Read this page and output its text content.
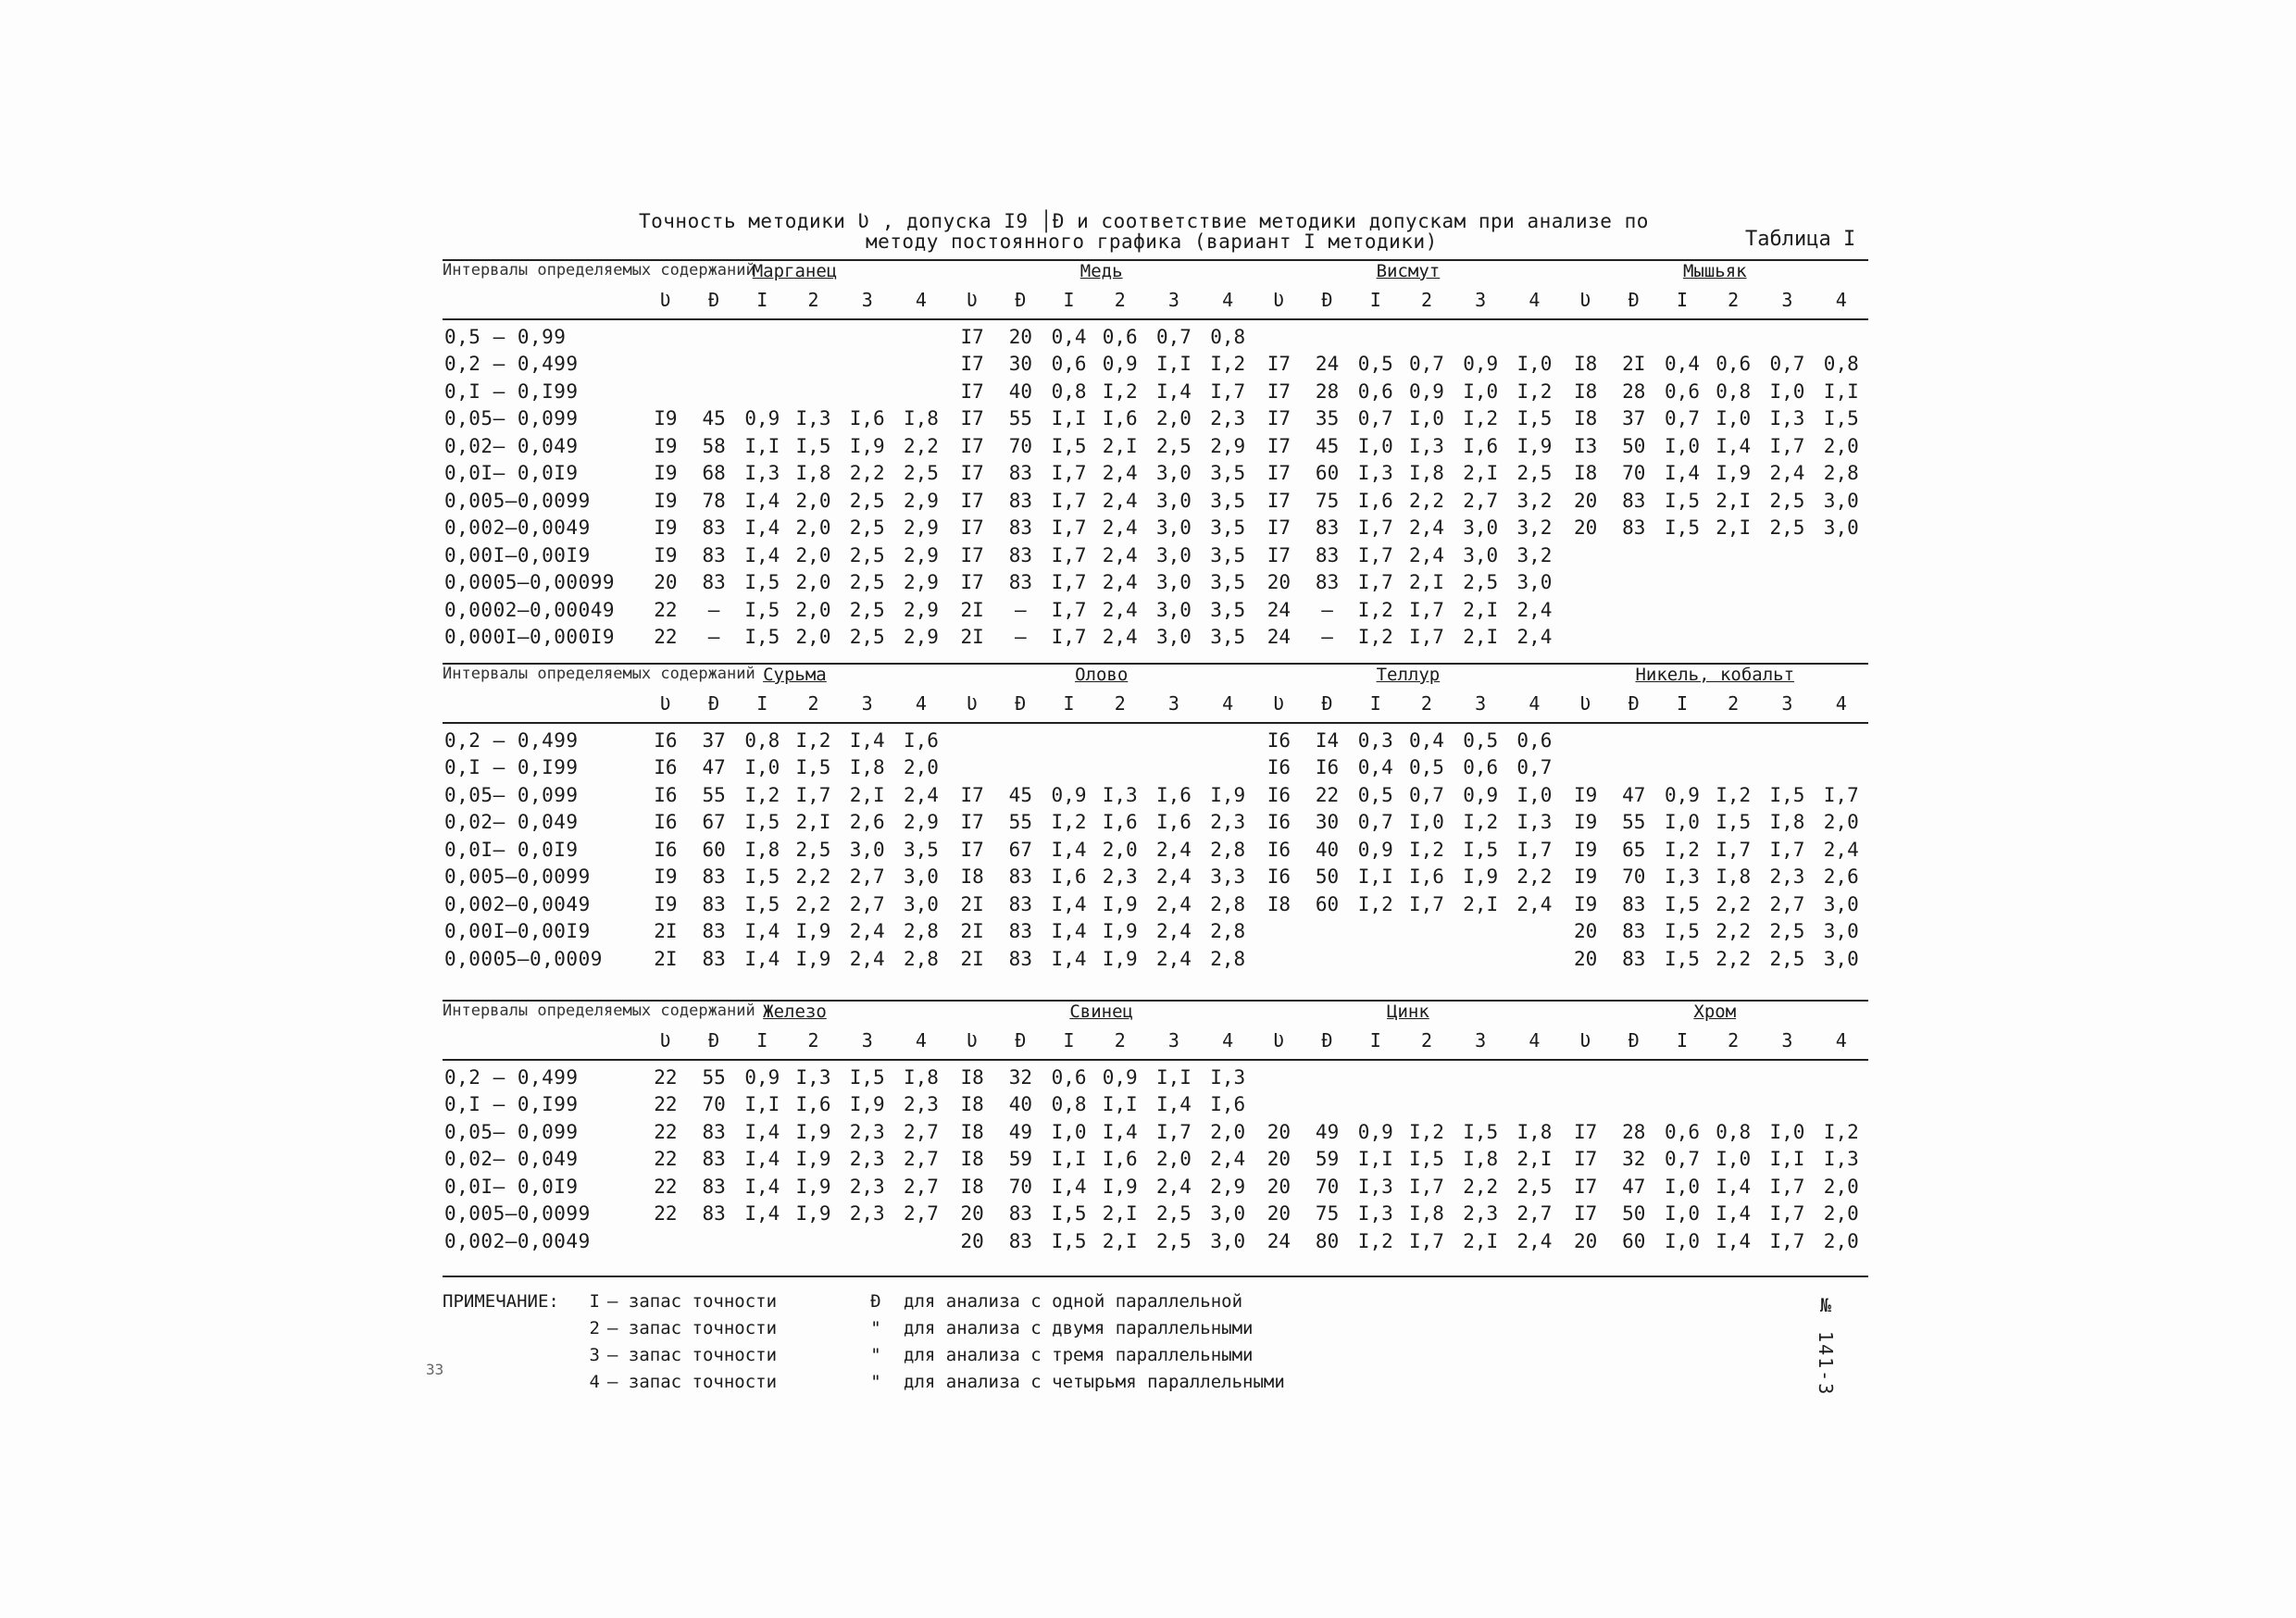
Точность методики Ʋ , допуска I9 │Đ и соответствие методики допускам при анализе по
методу постоянного графика (вариант I методики)	Таблица I
Интервалы определяемых содержаний	Марганец						Медь						Висмут						Мышьяк					
	Ʋ	Đ	I	2	3	4	Ʋ	Đ	I	2	3	4	Ʋ	Đ	I	2	3	4	Ʋ	Đ	I	2	3	4
0,5 – 0,99							I7	20	0,4	0,6	0,7	0,8												
0,2 – 0,499							I7	30	0,6	0,9	I,I	I,2	I7	24	0,5	0,7	0,9	I,0	I8	2I	0,4	0,6	0,7	0,8
0,I – 0,I99							I7	40	0,8	I,2	I,4	I,7	I7	28	0,6	0,9	I,0	I,2	I8	28	0,6	0,8	I,0	I,I
0,05– 0,099	I9	45	0,9	I,3	I,6	I,8	I7	55	I,I	I,6	2,0	2,3	I7	35	0,7	I,0	I,2	I,5	I8	37	0,7	I,0	I,3	I,5
0,02– 0,049	I9	58	I,I	I,5	I,9	2,2	I7	70	I,5	2,I	2,5	2,9	I7	45	I,0	I,3	I,6	I,9	I3	50	I,0	I,4	I,7	2,0
0,0I– 0,0I9	I9	68	I,3	I,8	2,2	2,5	I7	83	I,7	2,4	3,0	3,5	I7	60	I,3	I,8	2,I	2,5	I8	70	I,4	I,9	2,4	2,8
0,005–0,0099	I9	78	I,4	2,0	2,5	2,9	I7	83	I,7	2,4	3,0	3,5	I7	75	I,6	2,2	2,7	3,2	20	83	I,5	2,I	2,5	3,0
0,002–0,0049	I9	83	I,4	2,0	2,5	2,9	I7	83	I,7	2,4	3,0	3,5	I7	83	I,7	2,4	3,0	3,2	20	83	I,5	2,I	2,5	3,0
0,00I–0,00I9	I9	83	I,4	2,0	2,5	2,9	I7	83	I,7	2,4	3,0	3,5	I7	83	I,7	2,4	3,0	3,2						
0,0005–0,00099	20	83	I,5	2,0	2,5	2,9	I7	83	I,7	2,4	3,0	3,5	20	83	I,7	2,I	2,5	3,0						
0,0002–0,00049	22	–	I,5	2,0	2,5	2,9	2I	–	I,7	2,4	3,0	3,5	24	–	I,2	I,7	2,I	2,4						
0,000I–0,000I9	22	–	I,5	2,0	2,5	2,9	2I	–	I,7	2,4	3,0	3,5	24	–	I,2	I,7	2,I	2,4						
Интервалы определяемых содержаний	Сурьма						Олово						Теллур						Никель, кобальт					
	Ʋ	Đ	I	2	3	4	Ʋ	Đ	I	2	3	4	Ʋ	Đ	I	2	3	4	Ʋ	Đ	I	2	3	4
0,2 – 0,499	I6	37	0,8	I,2	I,4	I,6							I6	I4	0,3	0,4	0,5	0,6						
0,I – 0,I99	I6	47	I,0	I,5	I,8	2,0							I6	I6	0,4	0,5	0,6	0,7						
0,05– 0,099	I6	55	I,2	I,7	2,I	2,4	I7	45	0,9	I,3	I,6	I,9	I6	22	0,5	0,7	0,9	I,0	I9	47	0,9	I,2	I,5	I,7
0,02– 0,049	I6	67	I,5	2,I	2,6	2,9	I7	55	I,2	I,6	I,6	2,3	I6	30	0,7	I,0	I,2	I,3	I9	55	I,0	I,5	I,8	2,0
0,0I– 0,0I9	I6	60	I,8	2,5	3,0	3,5	I7	67	I,4	2,0	2,4	2,8	I6	40	0,9	I,2	I,5	I,7	I9	65	I,2	I,7	I,7	2,4
0,005–0,0099	I9	83	I,5	2,2	2,7	3,0	I8	83	I,6	2,3	2,4	3,3	I6	50	I,I	I,6	I,9	2,2	I9	70	I,3	I,8	2,3	2,6
0,002–0,0049	I9	83	I,5	2,2	2,7	3,0	2I	83	I,4	I,9	2,4	2,8	I8	60	I,2	I,7	2,I	2,4	I9	83	I,5	2,2	2,7	3,0
0,00I–0,00I9	2I	83	I,4	I,9	2,4	2,8	2I	83	I,4	I,9	2,4	2,8							20	83	I,5	2,2	2,5	3,0
0,0005–0,0009	2I	83	I,4	I,9	2,4	2,8	2I	83	I,4	I,9	2,4	2,8							20	83	I,5	2,2	2,5	3,0
Интервалы определяемых содержаний	Железо						Свинец						Цинк						Хром					
	Ʋ	Đ	I	2	3	4	Ʋ	Đ	I	2	3	4	Ʋ	Đ	I	2	3	4	Ʋ	Đ	I	2	3	4
0,2 – 0,499	22	55	0,9	I,3	I,5	I,8	I8	32	0,6	0,9	I,I	I,3												
0,I – 0,I99	22	70	I,I	I,6	I,9	2,3	I8	40	0,8	I,I	I,4	I,6												
0,05– 0,099	22	83	I,4	I,9	2,3	2,7	I8	49	I,0	I,4	I,7	2,0	20	49	0,9	I,2	I,5	I,8	I7	28	0,6	0,8	I,0	I,2
0,02– 0,049	22	83	I,4	I,9	2,3	2,7	I8	59	I,I	I,6	2,0	2,4	20	59	I,I	I,5	I,8	2,I	I7	32	0,7	I,0	I,I	I,3
0,0I– 0,0I9	22	83	I,4	I,9	2,3	2,7	I8	70	I,4	I,9	2,4	2,9	20	70	I,3	I,7	2,2	2,5	I7	47	I,0	I,4	I,7	2,0
0,005–0,0099	22	83	I,4	I,9	2,3	2,7	20	83	I,5	2,I	2,5	3,0	20	75	I,3	I,8	2,3	2,7	I7	50	I,0	I,4	I,7	2,0
0,002–0,0049							20	83	I,5	2,I	2,5	3,0	24	80	I,2	I,7	2,I	2,4	20	60	I,0	I,4	I,7	2,0
ПРИМЕЧАНИЕ: I – запас точности	Đ для анализа с одной параллельной
2 – запас точности	" для анализа с двумя параллельными
3 – запас точности	" для анализа с тремя параллельными
4 – запас точности	" для анализа с четырьмя параллельными	№ 141-3
33
